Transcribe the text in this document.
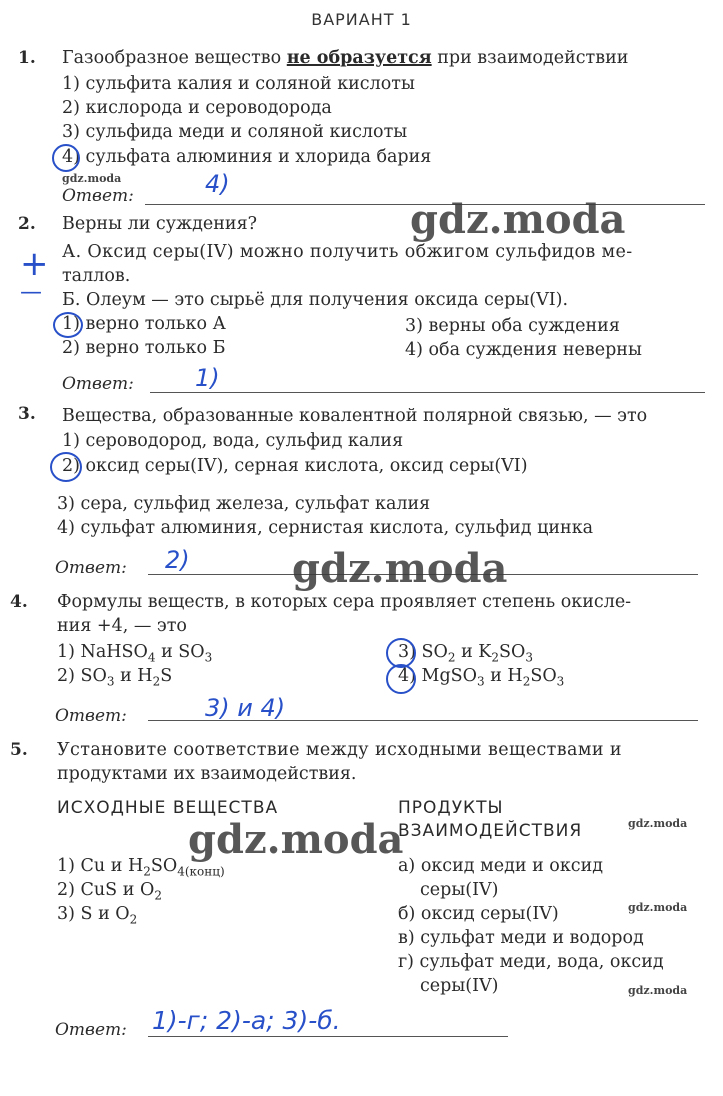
ВАРИАНТ 1
1. Газообразное вещество не образуется при взаимодействии
1) сульфита калия и соляной кислоты
2) кислорода и сероводорода
3) сульфида меди и соляной кислоты
4) сульфата алюминия и хлорида бария
gdz.moda
Ответ:	4)
2. Верны ли суждения?	gdz.moda
+
—
А. Оксид серы(IV) можно получить обжигом сульфидов ме-
таллов.
Б. Олеум — это сырьё для получения оксида серы(VI).
1) верно только А
2) верно только Б
3) верны оба суждения
4) оба суждения неверны
Ответ:	1)
3. Вещества, образованные ковалентной полярной связью, — это
1) сероводород, вода, сульфид калия
2) оксид серы(IV), серная кислота, оксид серы(VI)
3) сера, сульфид железа, сульфат калия
4) сульфат алюминия, сернистая кислота, сульфид цинка
Ответ: 2)	gdz.moda
4. Формулы веществ, в которых сера проявляет степень окисле-
ния +4, — это
1) NaHSO$_4$ и $SO_3$
2) $SO_3$ и $H_2S$
3) $SO_2$ и $K_2SO_3$
4) MgSO$_3$ и $H_2SO_3$
Ответ:	3) и 4)
5. Установите соответствие между исходными веществами и
продуктами их взаимодействия.
ИСХОДНЫЕ ВЕЩЕСТВА	ПРОДУКТЫ
ВЗАИМОДЕЙСТВИЯ	gdz.moda
gdz.moda
1) Cu и $H_2SO_{4(конц)}$
2) CuS и $O_2$
3) S и $O_2$
а) оксид меди и оксид
серы(IV)
б) оксид серы(IV)	gdz.moda
в) сульфат меди и водород
г) сульфат меди, вода, оксид
серы(IV)	gdz.moda
Ответ: 1)-г; 2)-а; 3)-б.
